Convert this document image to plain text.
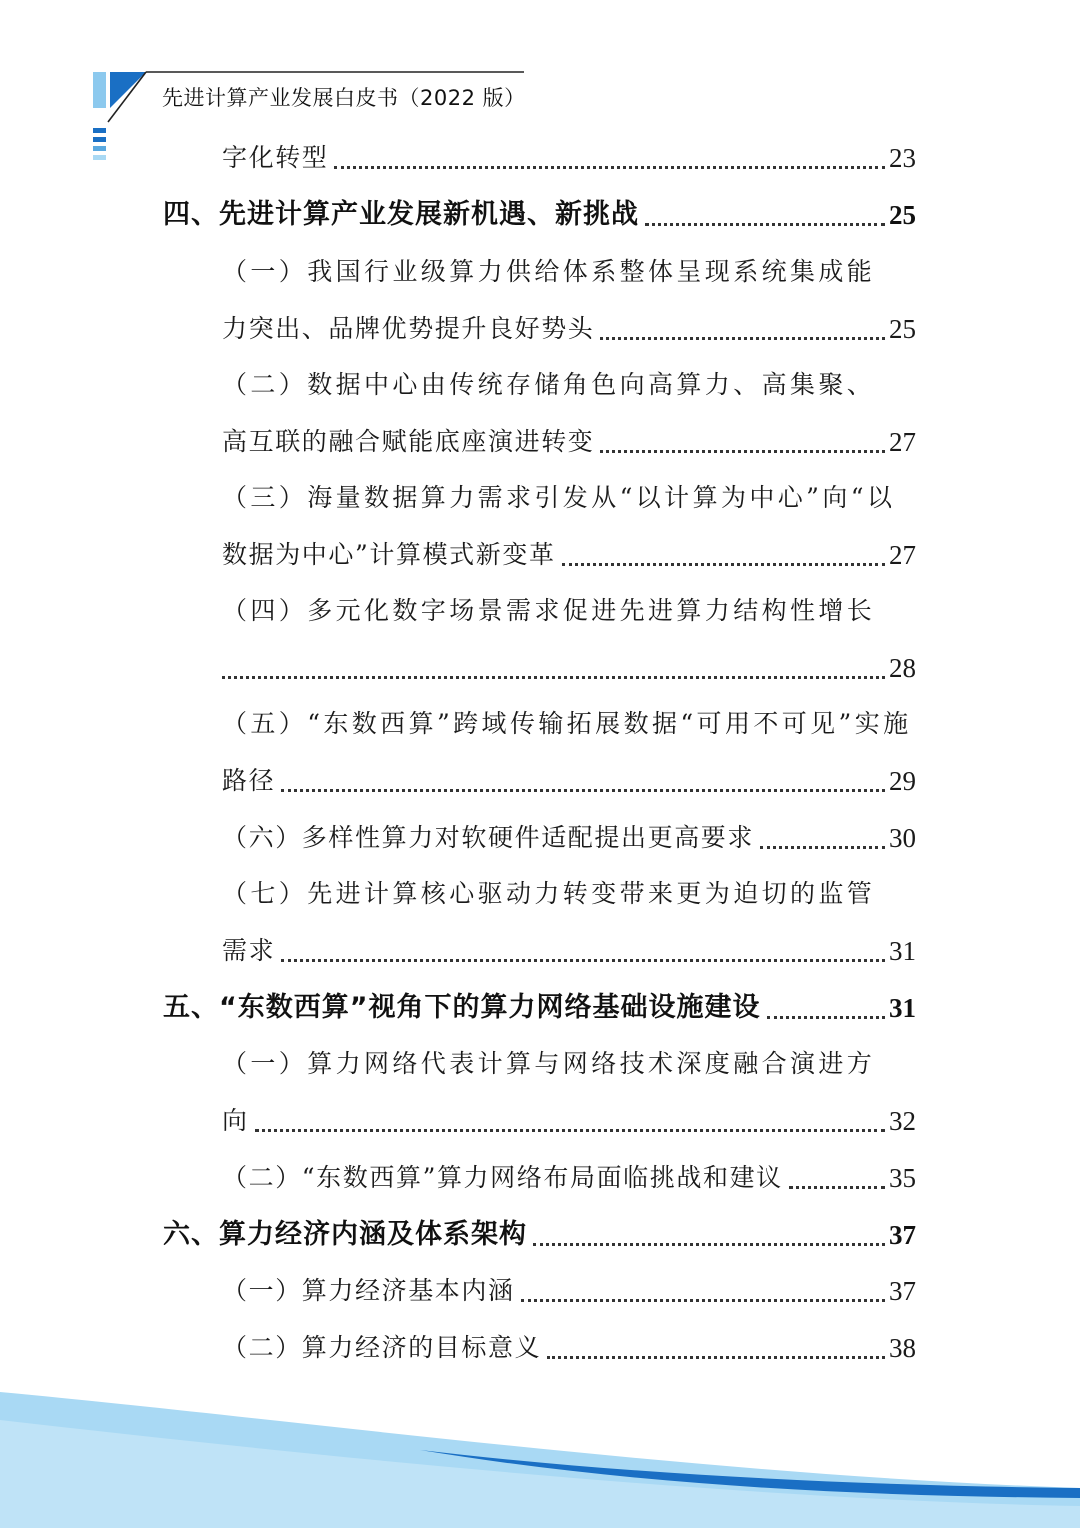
先进计算产业发展白皮书（2022 版）
字化转型	23
四、先进计算产业发展新机遇、新挑战	25
（一）我国行业级算力供给体系整体呈现系统集成能
力突出、品牌优势提升良好势头	25
（二）数据中心由传统存储角色向高算力、高集聚、
高互联的融合赋能底座演进转变	27
（三）海量数据算力需求引发从“以计算为中心”向“以
数据为中心”计算模式新变革	27
（四）多元化数字场景需求促进先进算力结构性增长
28
（五）“东数西算”跨域传输拓展数据“可用不可见”实施
路径	29
（六）多样性算力对软硬件适配提出更高要求	30
（七）先进计算核心驱动力转变带来更为迫切的监管
需求	31
五、“东数西算”视角下的算力网络基础设施建设	31
（一）算力网络代表计算与网络技术深度融合演进方
向	32
（二）“东数西算”算力网络布局面临挑战和建议	35
六、算力经济内涵及体系架构	37
（一）算力经济基本内涵	37
（二）算力经济的目标意义	38
